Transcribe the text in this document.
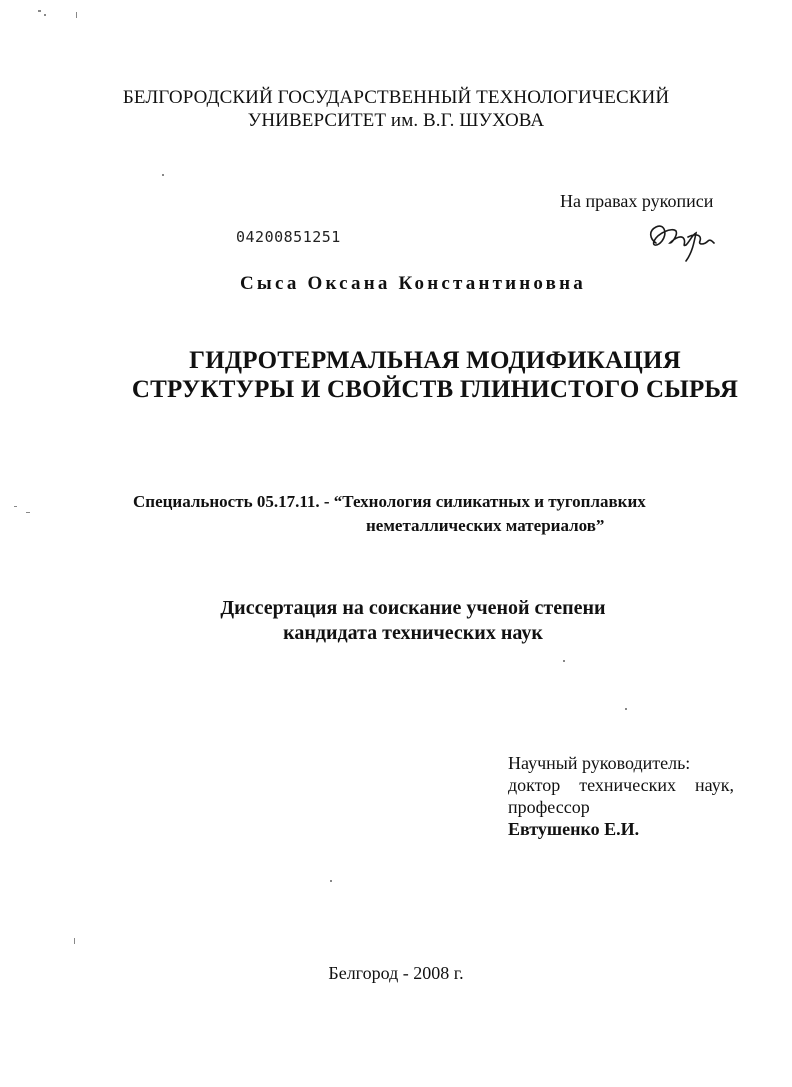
БЕЛГОРОДСКИЙ ГОСУДАРСТВЕННЫЙ ТЕХНОЛОГИЧЕСКИЙ
УНИВЕРСИТЕТ им. В.Г. ШУХОВА
На правах рукописи
04200851251
Сыса Оксана Константиновна
ГИДРОТЕРМАЛЬНАЯ МОДИФИКАЦИЯ
СТРУКТУРЫ И СВОЙСТВ ГЛИНИСТОГО СЫРЬЯ
Специальность 05.17.11. - “Технология силикатных и тугоплавких
неметаллических материалов”
Диссертация на соискание ученой степени
кандидата технических наук
Научный руководитель:
доктор технических наук,
профессор
Евтушенко Е.И.
Белгород - 2008 г.
